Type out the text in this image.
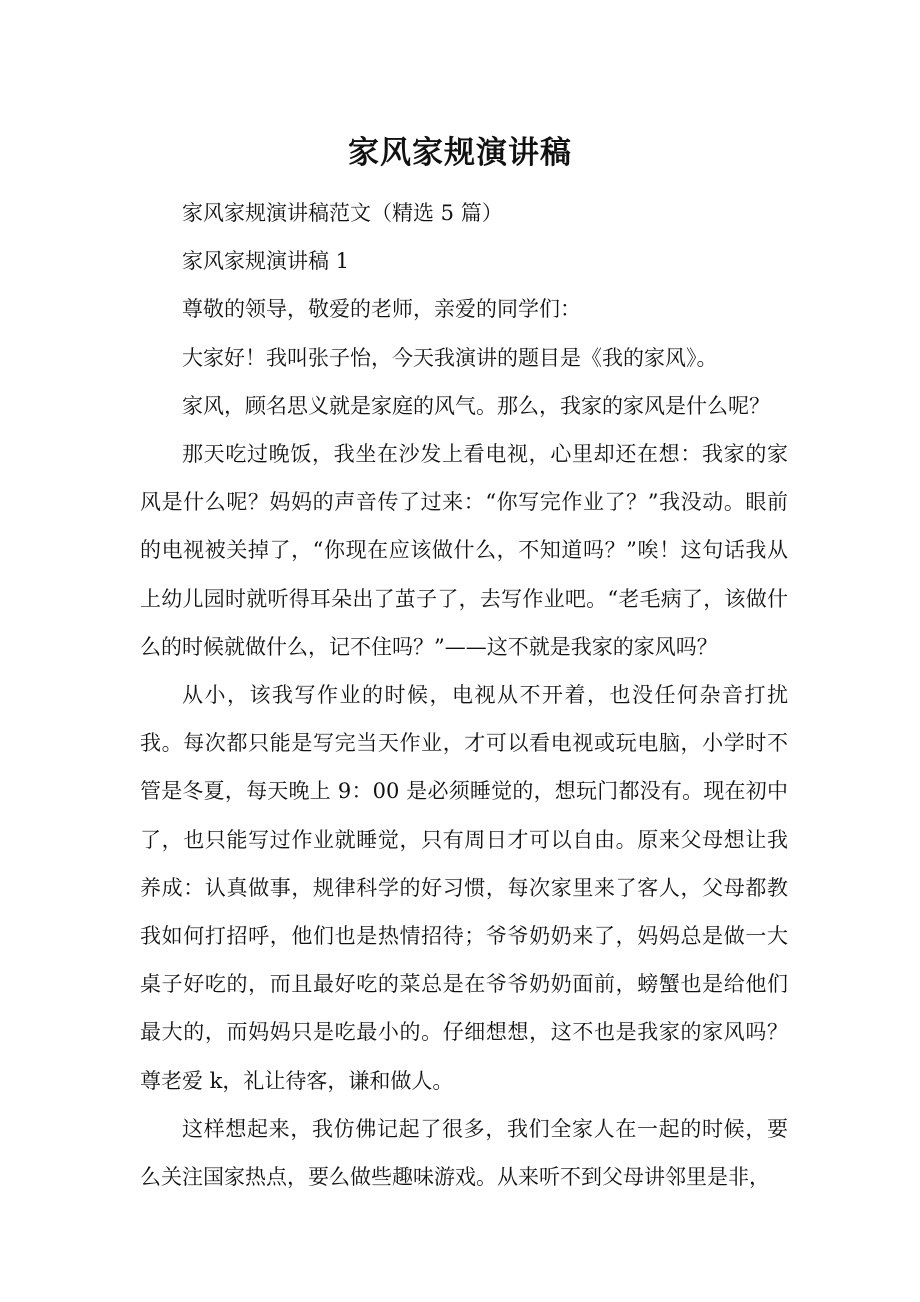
家风家规演讲稿

家风家规演讲稿范文（精选 5 篇）

家风家规演讲稿 1

尊敬的领导，敬爱的老师，亲爱的同学们：

大家好！我叫张子怡，今天我演讲的题目是《我的家风》。

家风，顾名思义就是家庭的风气。那么，我家的家风是什么呢？

那天吃过晚饭，我坐在沙发上看电视，心里却还在想：我家的家风是什么呢？妈妈的声音传了过来：“你写完作业了？”我没动。眼前的电视被关掉了，“你现在应该做什么，不知道吗？”唉！这句话我从上幼儿园时就听得耳朵出了茧子了，去写作业吧。“老毛病了，该做什么的时候就做什么，记不住吗？”——这不就是我家的家风吗？

从小，该我写作业的时候，电视从不开着，也没任何杂音打扰我。每次都只能是写完当天作业，才可以看电视或玩电脑，小学时不管是冬夏，每天晚上 9：00 是必须睡觉的，想玩门都没有。现在初中了，也只能写过作业就睡觉，只有周日才可以自由。原来父母想让我养成：认真做事，规律科学的好习惯，每次家里来了客人，父母都教我如何打招呼，他们也是热情招待；爷爷奶奶来了，妈妈总是做一大桌子好吃的，而且最好吃的菜总是在爷爷奶奶面前，螃蟹也是给他们最大的，而妈妈只是吃最小的。仔细想想，这不也是我家的家风吗？尊老爱 k，礼让待客，谦和做人。

这样想起来，我仿佛记起了很多，我们全家人在一起的时候，要么关注国家热点，要么做些趣味游戏。从来听不到父母讲邻里是非，
